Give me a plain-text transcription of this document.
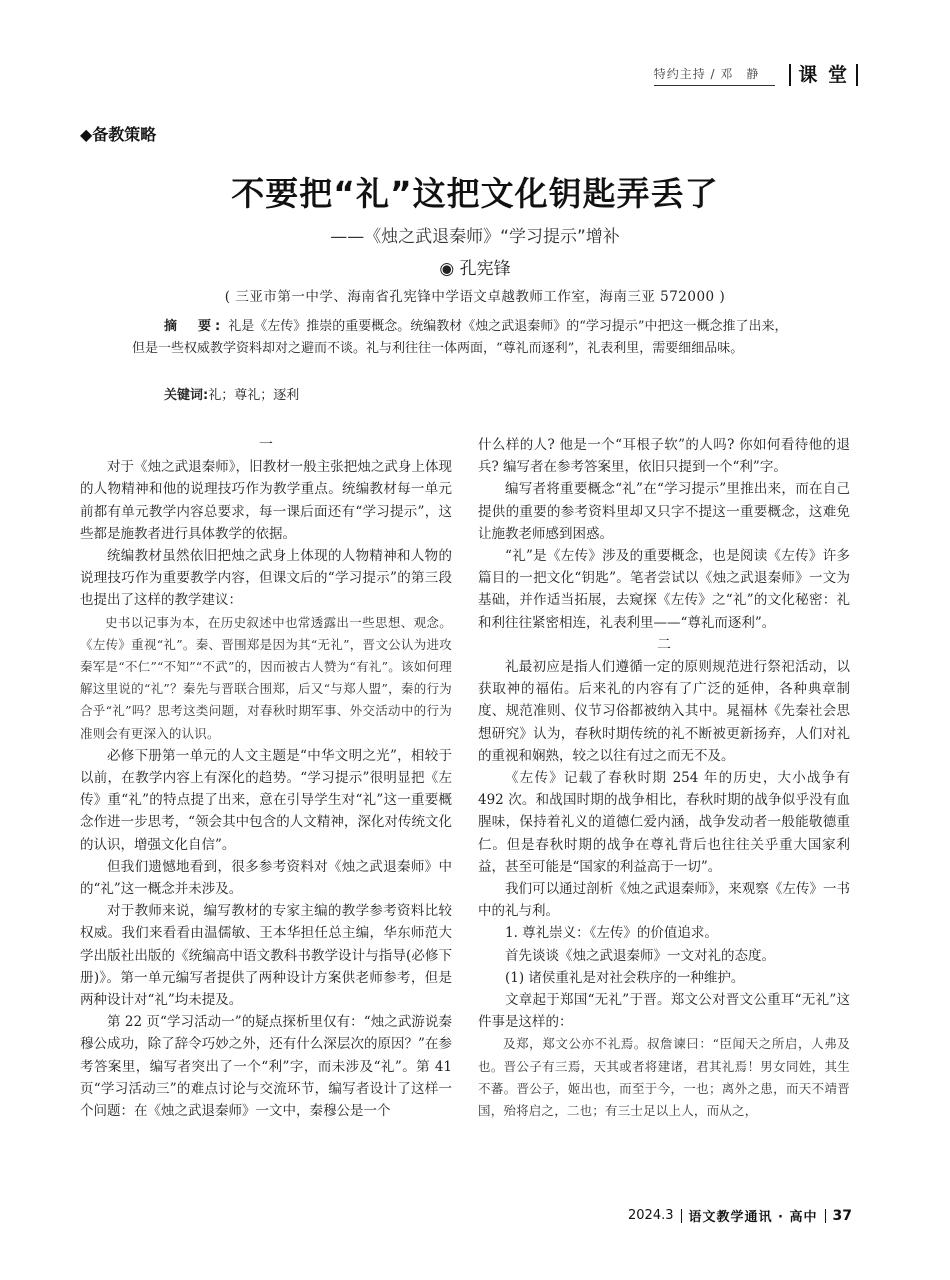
特约主持 / 邓　静	课 堂
◆备教策略
不要把“礼”这把文化钥匙弄丢了
——《烛之武退秦师》“学习提示”增补
◉ 孔宪锋
( 三亚市第一中学、海南省孔宪锋中学语文卓越教师工作室，海南三亚 572000 )
摘　要: 礼是《左传》推崇的重要概念。统编教材《烛之武退秦师》的“学习提示”中把这一概念推了出来，但是一些权威教学资料却对之避而不谈。礼与利往往一体两面，“尊礼而逐利”，礼表利里，需要细细品味。
关键词:礼；尊礼；逐利

一

对于《烛之武退秦师》，旧教材一般主张把烛之武身上体现的人物精神和他的说理技巧作为教学重点。统编教材每一单元前都有单元教学内容总要求，每一课后面还有“学习提示”，这些都是施教者进行具体教学的依据。

统编教材虽然依旧把烛之武身上体现的人物精神和人物的说理技巧作为重要教学内容，但课文后的“学习提示”的第三段也提出了这样的教学建议：

史书以记事为本，在历史叙述中也常透露出一些思想、观念。《左传》重视“礼”。秦、晋围郑是因为其“无礼”，晋文公认为进攻秦军是“不仁”“不知”“不武”的，因而被古人赞为“有礼”。该如何理解这里说的“礼”？秦先与晋联合围郑，后又“与郑人盟”，秦的行为合乎“礼”吗？思考这类问题，对春秋时期军事、外交活动中的行为准则会有更深入的认识。

必修下册第一单元的人文主题是“中华文明之光”，相较于以前，在教学内容上有深化的趋势。“学习提示”很明显把《左传》重“礼”的特点提了出来，意在引导学生对“礼”这一重要概念作进一步思考，“领会其中包含的人文精神，深化对传统文化的认识，增强文化自信”。

但我们遗憾地看到，很多参考资料对《烛之武退秦师》中的“礼”这一概念并未涉及。

对于教师来说，编写教材的专家主编的教学参考资料比较权威。我们来看看由温儒敏、王本华担任总主编，华东师范大学出版社出版的《统编高中语文教科书教学设计与指导(必修下册)》。第一单元编写者提供了两种设计方案供老师参考，但是两种设计对“礼”均未提及。

第 22 页“学习活动一”的疑点探析里仅有：“烛之武游说秦穆公成功，除了辞令巧妙之外，还有什么深层次的原因？”在参考答案里，编写者突出了一个“利”字，而未涉及“礼”。第 41 页“学习活动三”的难点讨论与交流环节，编写者设计了这样一个问题：在《烛之武退秦师》一文中，秦穆公是一个

什么样的人? 他是一个“耳根子软”的人吗? 你如何看待他的退兵? 编写者在参考答案里，依旧只提到一个“利”字。

编写者将重要概念“礼”在“学习提示”里推出来，而在自己提供的重要的参考资料里却又只字不提这一重要概念，这难免让施教老师感到困惑。

“礼”是《左传》涉及的重要概念，也是阅读《左传》许多篇目的一把文化“钥匙”。笔者尝试以《烛之武退秦师》一文为基础，并作适当拓展，去窥探《左传》之“礼”的文化秘密：礼和利往往紧密相连，礼表利里——“尊礼而逐利”。

二

礼最初应是指人们遵循一定的原则规范进行祭祀活动，以获取神的福佑。后来礼的内容有了广泛的延伸，各种典章制度、规范准则、仪节习俗都被纳入其中。晁福林《先秦社会思想研究》认为，春秋时期传统的礼不断被更新扬弃，人们对礼的重视和娴熟，较之以往有过之而无不及。

《左传》记载了春秋时期 254 年的历史，大小战争有 492 次。和战国时期的战争相比，春秋时期的战争似乎没有血腥味，保持着礼义的道德仁爱内涵，战争发动者一般能敬德重仁。但是春秋时期的战争在尊礼背后也往往关乎重大国家利益，甚至可能是“国家的利益高于一切”。

我们可以通过剖析《烛之武退秦师》，来观察《左传》一书中的礼与利。

1. 尊礼崇义：《左传》的价值追求。

首先谈谈《烛之武退秦师》一文对礼的态度。

(1) 诸侯重礼是对社会秩序的一种维护。

文章起于郑国“无礼”于晋。郑文公对晋文公重耳“无礼”这件事是这样的：

及郑，郑文公亦不礼焉。叔詹谏曰：“臣闻天之所启，人弗及也。晋公子有三焉，天其或者将建诸，君其礼焉！男女同姓，其生不蕃。晋公子，姬出也，而至于今，一也；离外之患，而天不靖晋国，殆将启之，二也；有三士足以上人，而从之，

2024.3 语文教学通讯 · 高中 37
